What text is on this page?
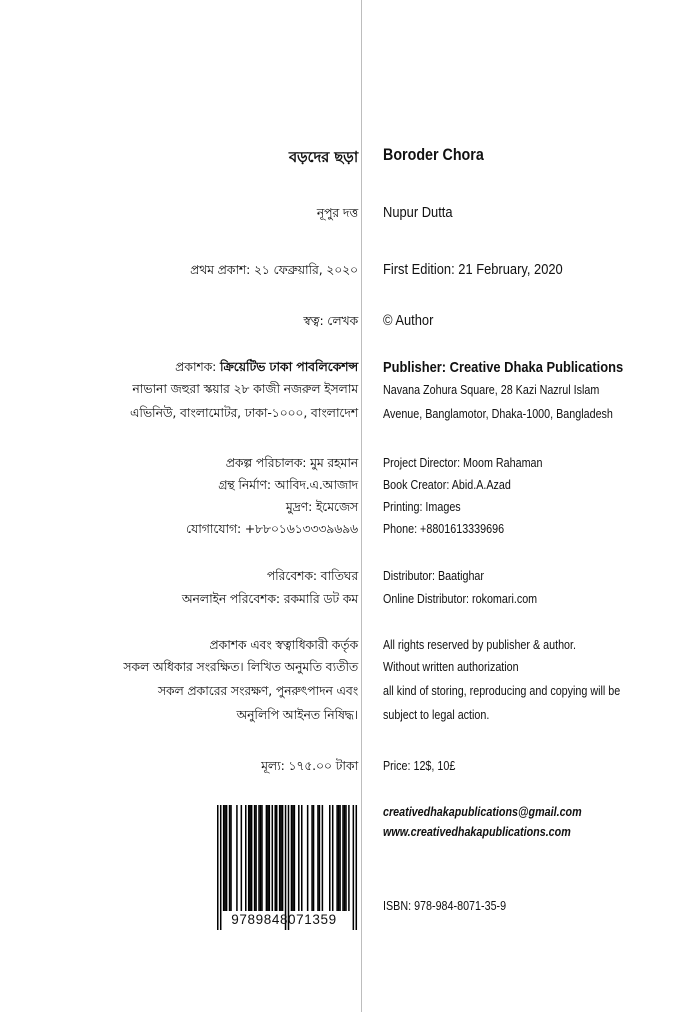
বড়দের ছড়া
নূপুর দত্ত
প্রথম প্রকাশ: ২১ ফেব্রুয়ারি, ২০২০
স্বত্ব: লেখক
প্রকাশক: ক্রিয়েটিভ ঢাকা পাবলিকেশন্স
নাভানা জহুরা স্কয়ার ২৮ কাজী নজরুল ইসলাম
এভিনিউ, বাংলামোটর, ঢাকা-১০০০, বাংলাদেশ
প্রকল্প পরিচালক: মুম রহমান
গ্রন্থ নির্মাণ: আবিদ.এ.আজাদ
মুদ্রণ: ইমেজেস
যোগাযোগ: +৮৮০১৬১৩৩৩৯৬৯৬
পরিবেশক: বাতিঘর
অনলাইন পরিবেশক: রকমারি ডট কম
প্রকাশক এবং স্বত্বাধিকারী কর্তৃক
সকল অধিকার সংরক্ষিত। লিখিত অনুমতি ব্যতীত
সকল প্রকারের সংরক্ষণ, পুনরুৎপাদন এবং
অনুলিপি আইনত নিষিদ্ধ।
মূল্য: ১৭৫.০০ টাকা
9789848071359
Boroder Chora
Nupur Dutta
First Edition: 21 February, 2020
© Author
Publisher: Creative Dhaka Publications
Navana Zohura Square, 28 Kazi Nazrul Islam
Avenue, Banglamotor, Dhaka-1000, Bangladesh
Project Director: Moom Rahaman
Book Creator: Abid.A.Azad
Printing: Images
Phone: +8801613339696
Distributor: Baatighar
Online Distributor: rokomari.com
All rights reserved by publisher & author.
Without written authorization
all kind of storing, reproducing and copying will be
subject to legal action.
Price: 12$, 10£
creativedhakapublications@gmail.com
www.creativedhakapublications.com
ISBN: 978-984-8071-35-9
